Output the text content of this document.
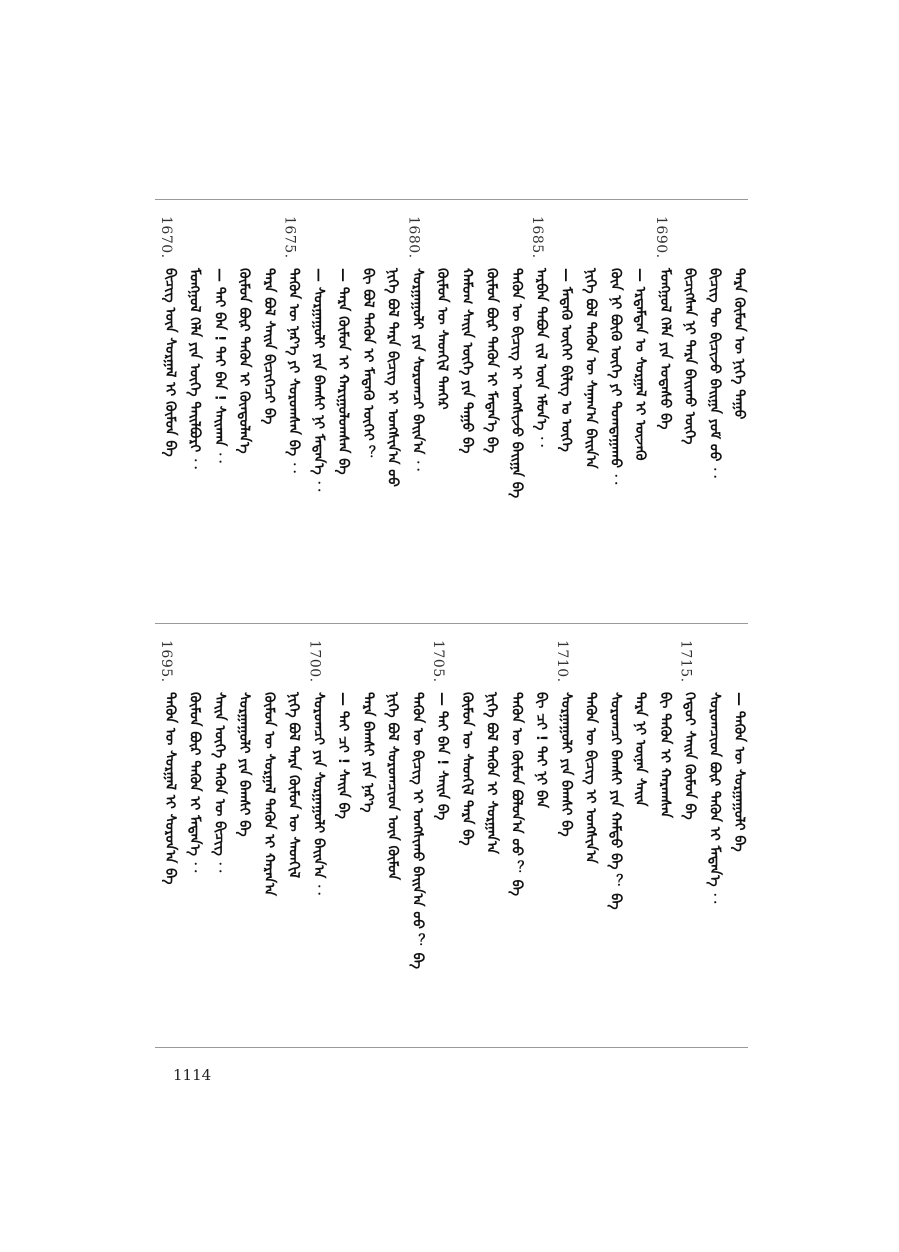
ᠲᠡᠷᠡ ᠬᠦᠮᠦᠨ ᠦ ᠨᠢᠭᠡ ᠳᠠᠭᠤ
ᠪᠢᠴᠢᠭ ᠲᠦ ᠪᠢᠴᠢᠵᠦ ᠪᠠᠢᠭᠠ ᠶᠤᠮ ᠦᠦ ︰
ᠪᠢᠴᠢᠭᠰᠡᠨ ᠨᠢ ᠲᠡᠷᠡ ᠪᠠᠢᠬᠤ ᠦᠭᠡ
1690.
ᠮᠣᠩᠭᠣᠯ ᠬᠡᠯᠡ ᠶᠢᠨ ᠤᠲᠠᠰᠤ ᠪᠠ
— ᠡᠷᠳᠡᠮᠲᠡᠨ ᠤ ᠰᠤᠷᠭᠠᠯ ᠢ ᠦᠵᠡᠬᠦ
ᠬᠦᠨ ᠨᠢ ᠪᠦᠬᠦ ᠦᠭᠡ ᠶᠢ ᠲᠣᠭᠲᠠᠭᠠᠬᠤ ︰
ᠨᠢᠭᠡ ᠪᠣᠯ ᠲᠡᠭᠦᠨ ᠦ ᠰᠠᠨᠠᠭ᠎ᠠ ᠪᠠᠢᠨ᠎ᠠ
— ᠮᠡᠳᠡᠬᠦ ᠦᠭᠡᠢ ᠪᠢᠯᠢᠭ ᠤ ᠦᠭᠡ
1685.
ᠠᠷᠪᠠᠨ ᠲᠠᠪᠤᠨ ᠵᠢᠯ ᠦᠨ ᠡᠮᠦᠨ᠎ᠡ ︰
ᠲᠡᠭᠦᠨ ᠦ ᠪᠢᠴᠢᠭ ᠢ ᠤᠩᠰᠢᠵᠤ ᠪᠠᠢᠭᠠ ᠪᠠ
ᠬᠦᠮᠦᠨ ᠪᠦᠷ ᠲᠡᠭᠦᠨ ᠢ ᠮᠡᠳᠡᠨ᠎ᠡ ᠪᠠ
ᠬᠠᠮᠤᠭ ᠰᠠᠢᠨ ᠦᠭᠡ ᠶᠢᠨ ᠳᠠᠭᠤ ᠪᠠ
ᠬᠦᠮᠦᠨ ᠦ ᠰᠡᠳᠬᠢᠯ ᠲᠡᠨᠭᠡᠷ
1680.
ᠰᠤᠷᠭᠠᠭᠤᠯᠢ ᠶᠢᠨ ᠰᠤᠷᠤᠭᠴᠢ ᠪᠠᠢᠨ᠎ᠠ ︰
ᠨᠢᠭᠡ ᠪᠣᠯ ᠲᠡᠷᠡ ᠪᠢᠴᠢᠭ ᠢ ᠤᠩᠰᠢᠨ᠎ᠠ ᠤᠤ
ᠪᠢ ᠪᠣᠯ ᠲᠡᠭᠦᠨ ᠢ ᠮᠡᠳᠡᠬᠦ ᠦᠭᠡᠢ ︖
— ᠲᠡᠷᠡ ᠬᠦᠮᠦᠨ ᠢ ᠬᠠᠷᠢᠭᠤᠯᠤᠭᠰᠠᠨ ᠪᠠ
— ᠰᠤᠷᠭᠠᠭᠤᠯᠢ ᠶᠢᠨ ᠪᠠᠭᠰᠢ ᠨᠢ ᠮᠡᠳᠡᠨ᠎ᠡ ︰
1675.
ᠲᠡᠭᠦᠨ ᠦ ᠨᠡᠷ᠎ᠡ ᠶᠢ ᠰᠤᠷᠤᠭᠰᠠᠨ ᠪᠠ ︰
ᠲᠡᠷᠡ ᠪᠣᠯ ᠰᠠᠢᠨ ᠪᠢᠴᠢᠭᠡᠴᠢ ᠪᠠ
ᠬᠦᠮᠦᠨ ᠪᠦᠷ ᠲᠡᠭᠦᠨ ᠢ ᠬᠦᠨᠳᠦᠯᠡᠨ᠎ᠡ
— ᠲᠡᠢ ᠪᠡᠨ ! ᠲᠡᠢ ᠪᠡᠨ ! ᠰᠠᠢᠬᠠᠨ ︰
ᠮᠣᠩᠭᠣᠯ ᠬᠡᠯᠡ ᠶᠢᠨ ᠦᠭᠡ ᠲᠠᠢᠯᠪᠤᠷᠢ ︰
1670.
ᠪᠢᠴᠢᠭ ᠦᠨ ᠰᠤᠷᠭᠠᠯ ᠢ ᠬᠦᠮᠦᠨ ᠪᠠ
— ᠲᠡᠭᠦᠨ ᠦ ᠰᠤᠷᠭᠠᠭᠤᠯᠢ ᠪᠠ
ᠰᠤᠷᠤᠭᠴᠢᠳ ᠪᠦᠷ ᠲᠡᠭᠦᠨ ᠢ ᠮᠡᠳᠡᠨ᠎ᠡ ︰
1715.
ᠬᠡᠳᠦᠢ ᠰᠠᠢᠨ ᠬᠦᠮᠦᠨ ᠪᠠ
ᠪᠢ ᠲᠡᠭᠦᠨ ᠢ ᠬᠠᠷᠠᠭᠰᠠᠨ
ᠲᠡᠷᠡ ᠨᠢ ᠦᠨᠡᠨ ᠰᠠᠢᠨ
ᠰᠤᠷᠤᠭᠴᠢ ᠪᠠᠭᠰᠢ ᠶᠢᠨ ᠬᠠᠮᠲᠤ ᠪᠠ ︖ ᠪᠠ
ᠲᠡᠭᠦᠨ ᠦ ᠪᠢᠴᠢᠭ ᠢ ᠤᠩᠰᠢᠨ᠎ᠠ
1710.
ᠰᠤᠷᠭᠠᠭᠤᠯᠢ ᠶᠢᠨ ᠪᠠᠭᠰᠢ ᠪᠠ
ᠪᠢ ᠴᠢ ! ᠲᠡᠢ ᠨᠢ ᠪᠡᠨ
ᠲᠡᠭᠦᠨ ᠦ ᠬᠦᠮᠦᠨ ᠪᠣᠯᠤᠨ᠎ᠠ ᠤᠤ ︖ ᠪᠠ
ᠨᠢᠭᠡ ᠪᠣᠯ ᠲᠡᠭᠦᠨ ᠢ ᠰᠤᠷᠭᠠᠨ᠎ᠠ
ᠬᠦᠮᠦᠨ ᠦ ᠰᠡᠳᠬᠢᠯ ᠲᠡᠷᠡ ᠪᠠ
1705.
— ᠲᠡᠢ ᠪᠡᠨ ! ᠰᠠᠢᠨ ᠪᠠ
ᠲᠡᠭᠦᠨ ᠦ ᠪᠢᠴᠢᠭ ᠢ ᠤᠩᠰᠢᠬᠤ ᠪᠠᠢᠨ᠎ᠠ ᠤᠤ ︖ ᠪᠠ
ᠨᠢᠭᠡ ᠪᠣᠯ ᠰᠤᠷᠤᠭᠴᠢᠳ ᠦᠨ ᠬᠦᠮᠦᠨ
ᠲᠡᠷᠡ ᠪᠠᠭᠰᠢ ᠶᠢᠨ ᠨᠡᠷ᠎ᠡ
— ᠲᠡᠢ ᠴᠢ ! ᠰᠠᠢᠨ ᠪᠠ
1700.
ᠰᠤᠷᠤᠭᠴᠢ ᠶᠢᠨ ᠰᠤᠷᠭᠠᠭᠤᠯᠢ ᠪᠠᠢᠨ᠎ᠠ ︰
ᠨᠢᠭᠡ ᠪᠣᠯ ᠲᠡᠷᠡ ᠬᠦᠮᠦᠨ ᠦ ᠰᠡᠳᠬᠢᠯ
ᠬᠦᠮᠦᠨ ᠦ ᠰᠤᠷᠭᠠᠯ ᠲᠡᠭᠦᠨ ᠢ ᠬᠠᠷᠠᠨ᠎ᠠ
ᠰᠤᠷᠭᠠᠭᠤᠯᠢ ᠶᠢᠨ ᠪᠠᠭᠰᠢ ᠪᠠ
ᠰᠠᠢᠨ ᠦᠭᠡ ᠲᠡᠭᠦᠨ ᠦ ᠪᠢᠴᠢᠭ ︰
ᠬᠦᠮᠦᠨ ᠪᠦᠷ ᠲᠡᠭᠦᠨ ᠢ ᠮᠡᠳᠡᠨ᠎ᠡ ︰
1695.
ᠲᠡᠭᠦᠨ ᠦ ᠰᠤᠷᠭᠠᠯ ᠢ ᠰᠤᠷᠤᠨ᠎ᠠ ᠪᠠ
1114
